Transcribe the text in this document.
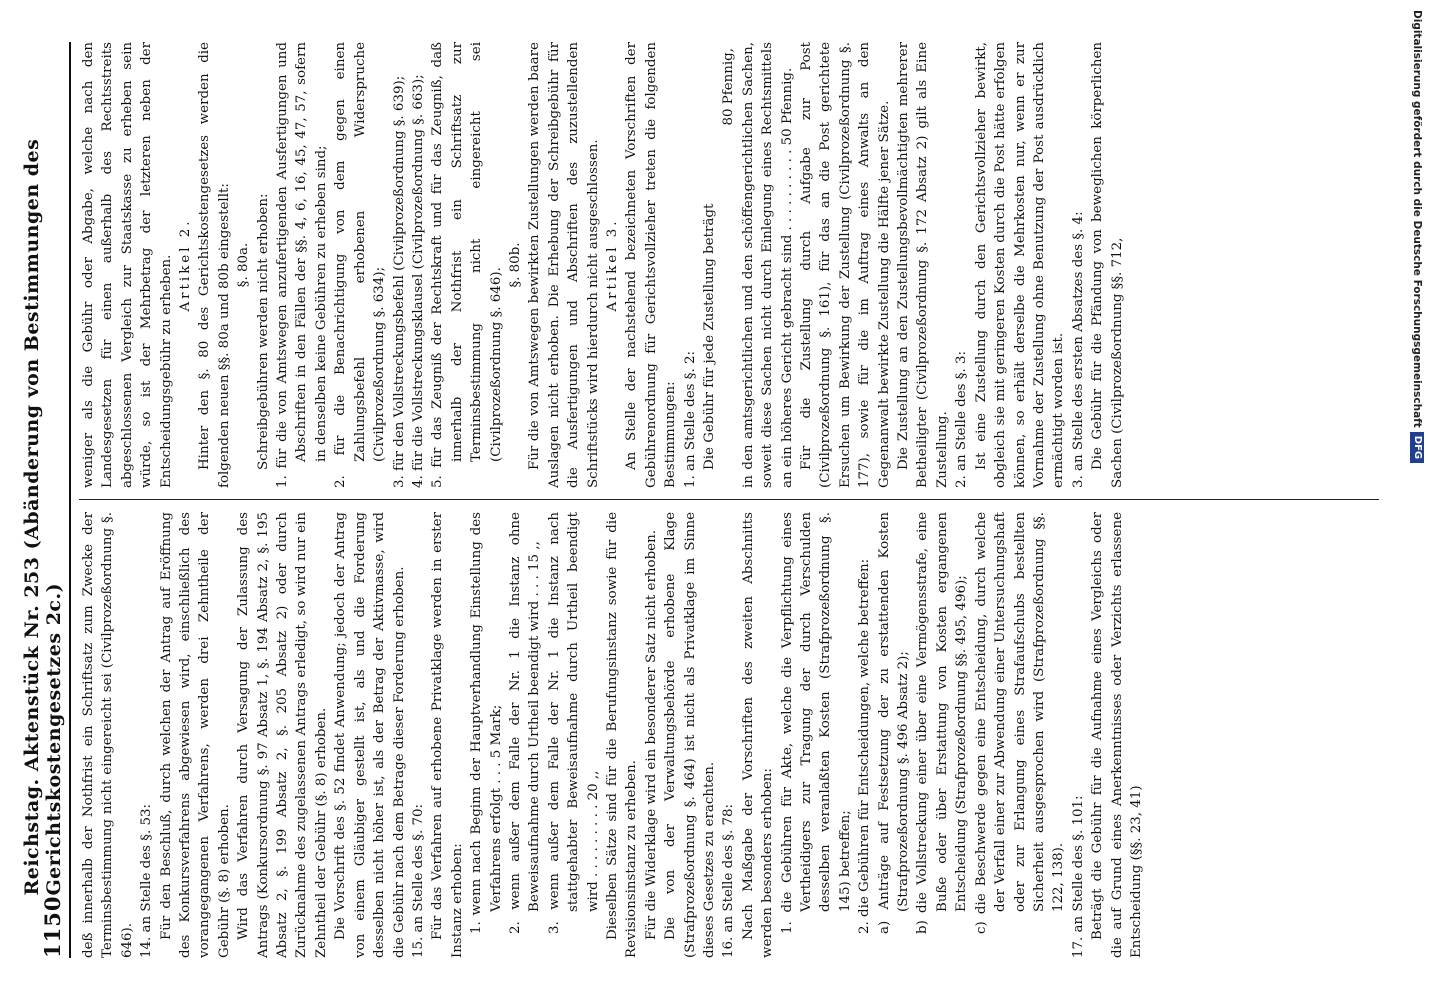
1150
Reichstag. Aktenstück Nr. 253 (Abänderung von Bestimmungen des Gerichtskostengesetzes 2c.) deß innerhalb der Nothfrist ein Schriftsatz zum Zwecke der Terminsbestimmung nicht eingereicht sei (Civilprozeßordnung §. 646). 14. an Stelle des §. 53: Für den Beschluß, durch welchen der Antrag auf Eröffnung des Konkursverfahrens abgewiesen wird, einschließlich des vorangegangenen Verfahrens, werden drei Zehntheile der Gebühr (§. 8) erhoben. Wird das Verfahren durch Versagung der Zulassung des Antrags (Konkursordnung §. 97 Absatz 1, §. 194 Absatz 2, §. 195 Absatz 2, §. 199 Absatz 2, §. 205 Absatz 2) oder durch Zurücknahme des zugelassenen Antrags erledigt, so wird nur ein Zehntheil der Gebühr (§. 8) erhoben. Die Vorschrift des §. 52 findet Anwendung; jedoch der Antrag von einem Gläubiger gestellt ist, als und die Forderung desselben nicht höher ist, als der Betrag der Aktivmasse, wird die Gebühr nach dem Betrage dieser Forderung erhoben. 15. an Stelle des §. 70: Für das Verfahren auf erhobene Privatklage werden in erster Instanz erhoben: 1. wenn nach Beginn der Hauptverhandlung Einstellung des Verfahrens erfolgt . . . 5 Mark; 2. wenn außer dem Falle der Nr. 1 die Instanz ohne Beweisaufnahme durch Urtheil beendigt wird . . . 15 ,, 3. wenn außer dem Falle der Nr. 1 die Instanz nach stattgehabter Beweisaufnahme durch Urtheil beendigt wird . . . . . . . . . 20 ,, Dieselben Sätze sind für die Berufungsinstanz sowie für die Revisionsinstanz zu erheben. Für die Widerklage wird ein besonderer Satz nicht erhoben. Die von der Verwaltungsbehörde erhobene Klage (Strafprozeßordnung §. 464) ist nicht als Privatklage im Sinne dieses Gesetzes zu erachten. 16. an Stelle des §. 78: Nach Maßgabe der Vorschriften des zweiten Abschnitts werden besonders erhoben: 1. die Gebühren für Akte, welche die Verpflichtung eines Vertheidigers zur Tragung der durch Verschulden desselben veranlaßten Kosten (Strafprozeßordnung §. 145) betreffen; 2. die Gebühren für Entscheidungen, welche betreffen: a) Anträge auf Festsetzung der zu erstattenden Kosten (Strafprozeßordnung §. 496 Absatz 2); b) die Vollstreckung einer über eine Vermögensstrafe, eine Buße oder über Erstattung von Kosten ergangenen Entscheidung (Strafprozeßordnung §§. 495, 496); c) die Beschwerde gegen eine Entscheidung, durch welche der Verfall einer zur Abwendung einer Untersuchungshaft oder zur Erlangung eines Strafaufschubs bestellten Sicherheit ausgesprochen wird (Strafprozeßordnung §§. 122, 138). 17. an Stelle des §. 101: Beträgt die Gebühr für die Aufnahme eines Vergleichs oder die auf Grund eines Anerkenntnisses oder Verzichts erlassene Entscheidung (§§. 23, 41)

weniger als die Gebühr oder Abgabe, welche nach den Landesgesetzen für einen außerhalb des Rechtsstreits abgeschlossenen Vergleich zur Staatskasse zu erheben sein würde, so ist der Mehrbetrag der letzteren neben der Entscheidungsgebühr zu erheben. Artikel 2. Hinter den §. 80 des Gerichtskostengesetzes werden die folgenden neuen §§. 80a und 80b eingestellt: §. 80a. Schreibgebühren werden nicht erhoben: 1. für die von Amtswegen anzufertigenden Ausfertigungen und Abschriften in den Fällen der §§. 4, 6, 16, 45, 47, 57, sofern in denselben keine Gebühren zu erheben sind; 2. für die Benachrichtigung von dem gegen einen Zahlungsbefehl erhobenen Widerspruche (Civilprozeßordnung §. 634); 3. für den Vollstreckungsbefehl (Civilprozeßordnung §. 639); 4. für die Vollstreckungsklausel (Civilprozeßordnung §. 663); 5. für das Zeugniß der Rechtskraft und für das Zeugniß, daß innerhalb der Nothfrist ein Schriftsatz zur Terminsbestimmung nicht eingereicht sei (Civilprozeßordnung §. 646).

§. 80b. Für die von Amtswegen bewirkten Zustellungen werden baare Auslagen nicht erhoben. Die Erhebung der Schreibgebühr für die Ausfertigungen und Abschriften des zuzustellenden Schriftstücks wird hierdurch nicht ausgeschlossen. Artikel 3. An Stelle der nachstehend bezeichneten Vorschriften der Gebührenordnung für Gerichtsvollzieher treten die folgenden Bestimmungen: 1. an Stelle des §. 2: Die Gebühr für jede Zustellung beträgt

80 Pfennig, in den amtsgerichtlichen und den schöffengerichtlichen Sachen, soweit diese Sachen nicht durch Einlegung eines Rechtsmittels an ein höheres Gericht gebracht sind . . . . . . . . . . 50 Pfennig. Für die Zustellung durch Aufgabe zur Post (Civilprozeßordnung §. 161), für das an die Post gerichtete Ersuchen um Bewirkung der Zustellung (Civilprozeßordnung §. 177), sowie für die im Auftrag eines Anwalts an den Gegenanwalt bewirkte Zustellung die Hälfte jener Sätze. Die Zustellung an den Zustellungsbevollmächtigten mehrerer Betheiligter (Civilprozeßordnung §. 172 Absatz 2) gilt als Eine Zustellung. 2. an Stelle des §. 3: Ist eine Zustellung durch den Gerichtsvollzieher bewirkt, obgleich sie mit geringeren Kosten durch die Post hätte erfolgen können, so erhält derselbe die Mehrkosten nur, wenn er zur Vornahme der Zustellung ohne Benutzung der Post ausdrücklich ermächtigt worden ist. 3. an Stelle des ersten Absatzes des §. 4: Die Gebühr für die Pfändung von beweglichen körperlichen Sachen (Civilprozeßordnung §§. 712,	Digitalisierung gefördert durch die Deutsche ForschungsgemeinschaftDFG
